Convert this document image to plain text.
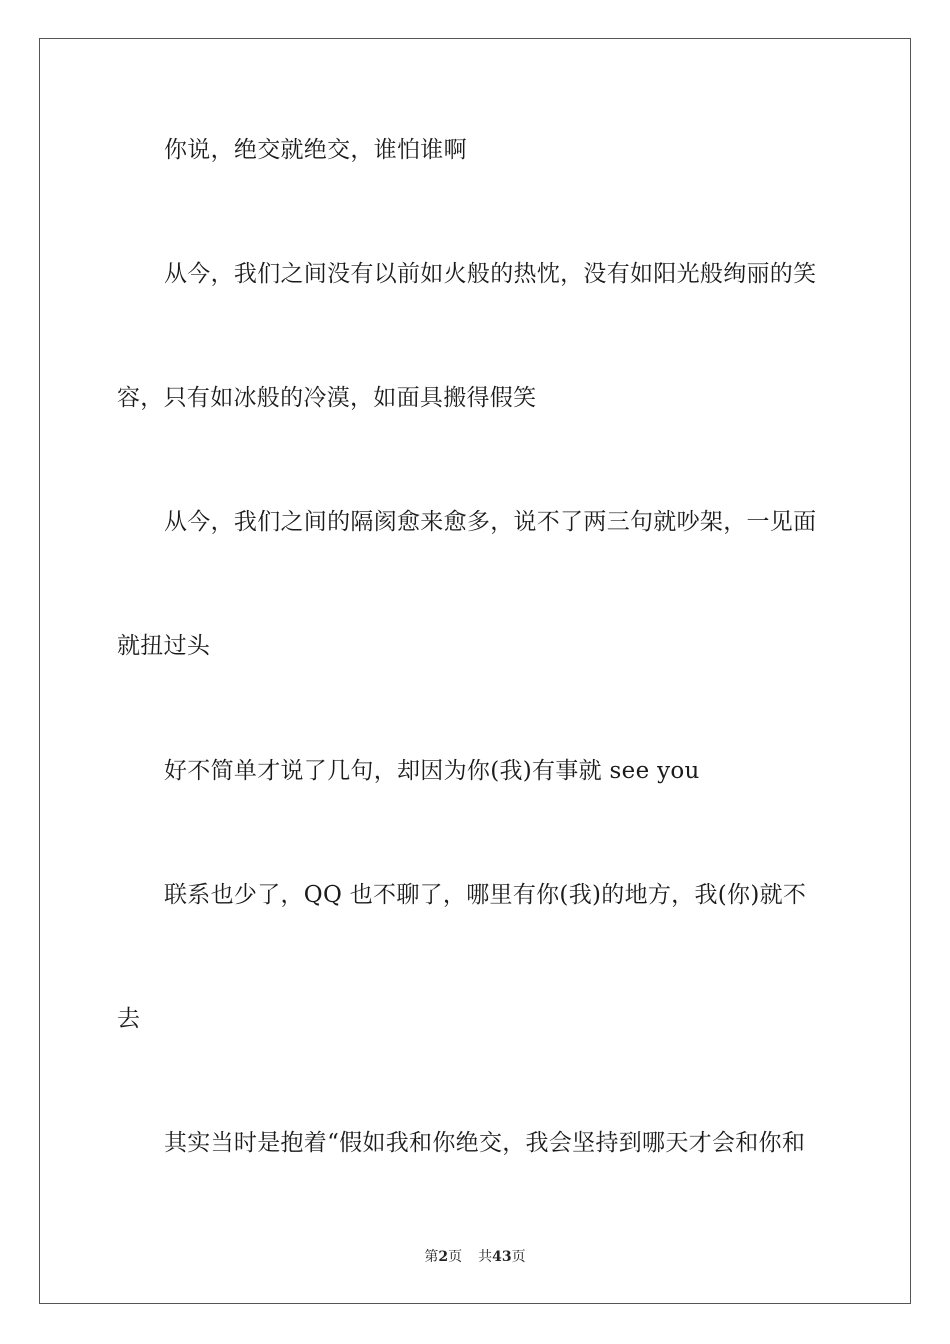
你说，绝交就绝交，谁怕谁啊
从今，我们之间没有以前如火般的热忱，没有如阳光般绚丽的笑
容，只有如冰般的冷漠，如面具搬得假笑
从今，我们之间的隔阂愈来愈多，说不了两三句就吵架，一见面
就扭过头
好不简单才说了几句，却因为你(我)有事就 see you
联系也少了，QQ 也不聊了，哪里有你(我)的地方，我(你)就不
去
其实当时是抱着“假如我和你绝交，我会坚持到哪天才会和你和
第2页 共43页
